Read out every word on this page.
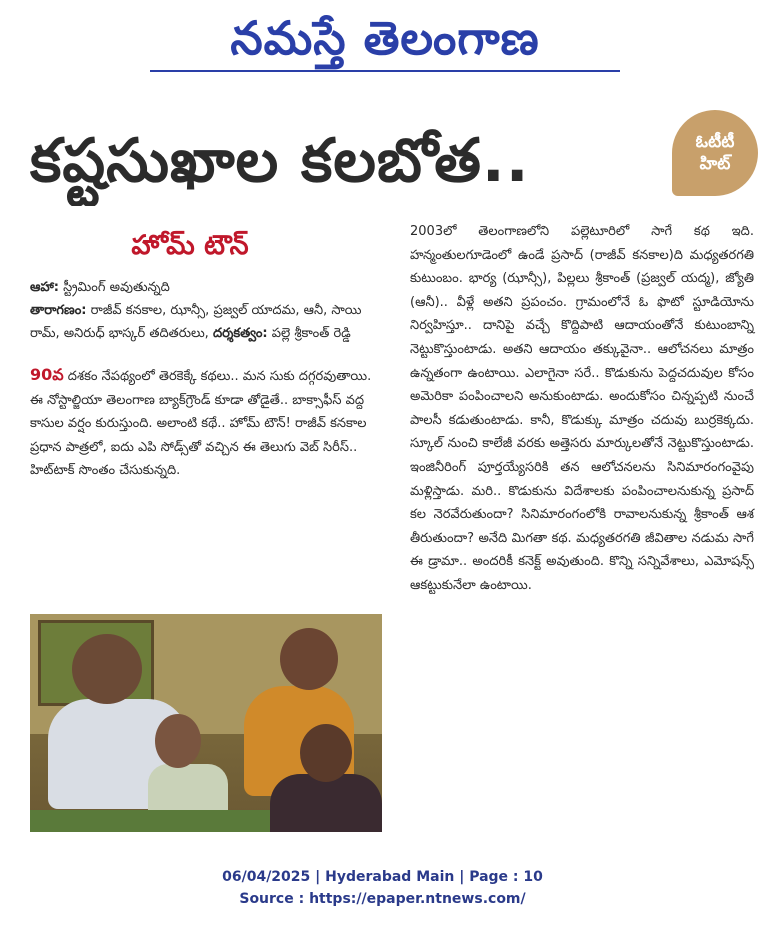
నమస్తే తెలంగాణ
కష్టసుఖాల కలబోత..	ఓటీటీ
హిట్
హోమ్ టౌన్
ఆహా: స్ట్రీమింగ్ అవుతున్నది
తారాగణం: రాజీవ్ కనకాల, ఝాన్సీ, ప్రజ్వల్ యాదమ, ఆనీ, సాయి రామ్, అనిరుధ్ భాస్కర్ తదితరులు, దర్శకత్వం: పల్లె శ్రీకాంత్ రెడ్డి
90వ దశకం నేపథ్యంలో తెరకెక్కే కథలు.. మన సుకు దగ్గరవుతాయి. ఈ నోస్టాల్జియా తెలంగాణ బ్యాక్‌గ్రౌండ్ కూడా తోడైతే.. బాక్సాఫీస్ వద్ద కాసుల వర్షం కురుస్తుంది. అలాంటి కథే.. హోమ్ టౌన్! రాజీవ్ కనకాల ప్రధాన పాత్రలో, ఐదు ఎపి సోడ్స్‌తో వచ్చిన ఈ తెలుగు వెబ్ సిరీస్.. హిట్‌టాక్ సొంతం చేసుకున్నది.
2003లో తెలంగాణలోని పల్లెటూరిలో సాగే కథ ఇది. హన్మంతులగూడెంలో ఉండే ప్రసాద్ (రాజీవ్ కనకాల)ది మధ్యతరగతి కుటుంబం. భార్య (ఝాన్సీ), పిల్లలు శ్రీకాంత్ (ప్రజ్వల్ యద్మ), జ్యోతి (ఆనీ).. వీళ్లే అతని ప్రపంచం. గ్రామంలోనే ఓ ఫొటో స్టూడియోను నిర్వహిస్తూ.. దానిపై వచ్చే కొద్దిపాటి ఆదాయంతోనే కుటుంబాన్ని నెట్టుకొస్తుంటాడు. అతని ఆదాయం తక్కువైనా.. ఆలోచనలు మాత్రం ఉన్నతంగా ఉంటాయి. ఎలాగైనా సరే.. కొడుకును పెద్దచదువుల కోసం అమెరికా పంపించాలని అనుకుంటాడు. అందుకోసం చిన్నప్పటి నుంచే పాలసీ కడుతుంటాడు. కానీ, కొడుక్కు మాత్రం చదువు బుర్రకెక్కదు. స్కూల్ నుంచి కాలేజీ వరకు అత్తెసరు మార్కులతోనే నెట్టుకొస్తుంటాడు. ఇంజినీరింగ్ పూర్తయ్యేసరికి తన ఆలోచనలను సినిమారంగంవైపు మళ్లిస్తాడు. మరి.. కొడుకును విదేశాలకు పంపించాలనుకున్న ప్రసాద్ కల నెరవేరుతుందా? సినిమారంగంలోకి రావాలనుకున్న శ్రీకాంత్ ఆశ తీరుతుందా? అనేది మిగతా కథ. మధ్యతరగతి జీవితాల నడుమ సాగే ఈ డ్రామా.. అందరికీ కనెక్ట్ అవుతుంది. కొన్ని సన్నివేశాలు, ఎమోషన్స్ ఆకట్టుకునేలా ఉంటాయి.
06/04/2025 | Hyderabad Main | Page : 10
Source : https://epaper.ntnews.com/
